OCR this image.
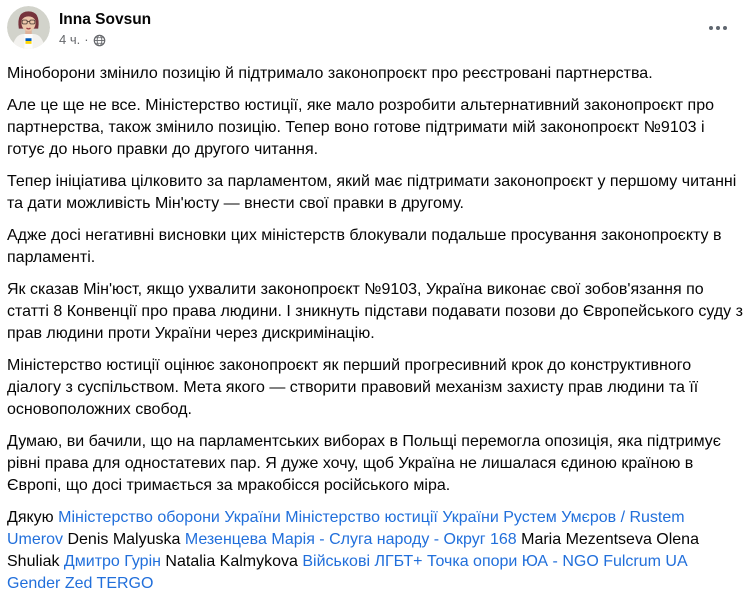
Inna Sovsun
4 ч. ·
Міноборони змінило позицію й підтримало законопроєкт про реєстровані партнерства.
Але це ще не все. Міністерство юстиції, яке мало розробити альтернативний законопроєкт про партнерства, також змінило позицію. Тепер воно готове підтримати мій законопроєкт №9103 і готує до нього правки до другого читання.
Тепер ініціатива цілковито за парламентом, який має підтримати законопроєкт у першому читанні та дати можливість Мін'юсту — внести свої правки в другому.
Адже досі негативні висновки цих міністерств блокували подальше просування законопроєкту в парламенті.
Як сказав Мін'юст, якщо ухвалити законопроєкт №9103, Україна виконає свої зобов'язання по статті 8 Конвенції про права людини. І зникнуть підстави подавати позови до Європейського суду з прав людини проти України через дискримінацію.
Міністерство юстиції оцінює законопроєкт як перший прогресивний крок до конструктивного діалогу з суспільством. Мета якого — створити правовий механізм захисту прав людини та її основоположних свобод.
Думаю, ви бачили, що на парламентських виборах в Польщі перемогла опозиція, яка підтримує рівні права для одностатевих пар. Я дуже хочу, щоб Україна не лишалася єдиною країною в Європі, що досі тримається за мракобісся російського міра.
Дякую Міністерство оборони України Міністерство юстиції України Рустем Умєров / Rustem Umerov Denis Malyuska Мезенцева Марія - Слуга народу - Округ 168 Maria Mezentseva Olena Shuliak Дмитро Гурін Natalia Kalmykova Військові ЛГБТ+ Точка опори ЮА - NGO Fulcrum UA Gender Zed TERGO
